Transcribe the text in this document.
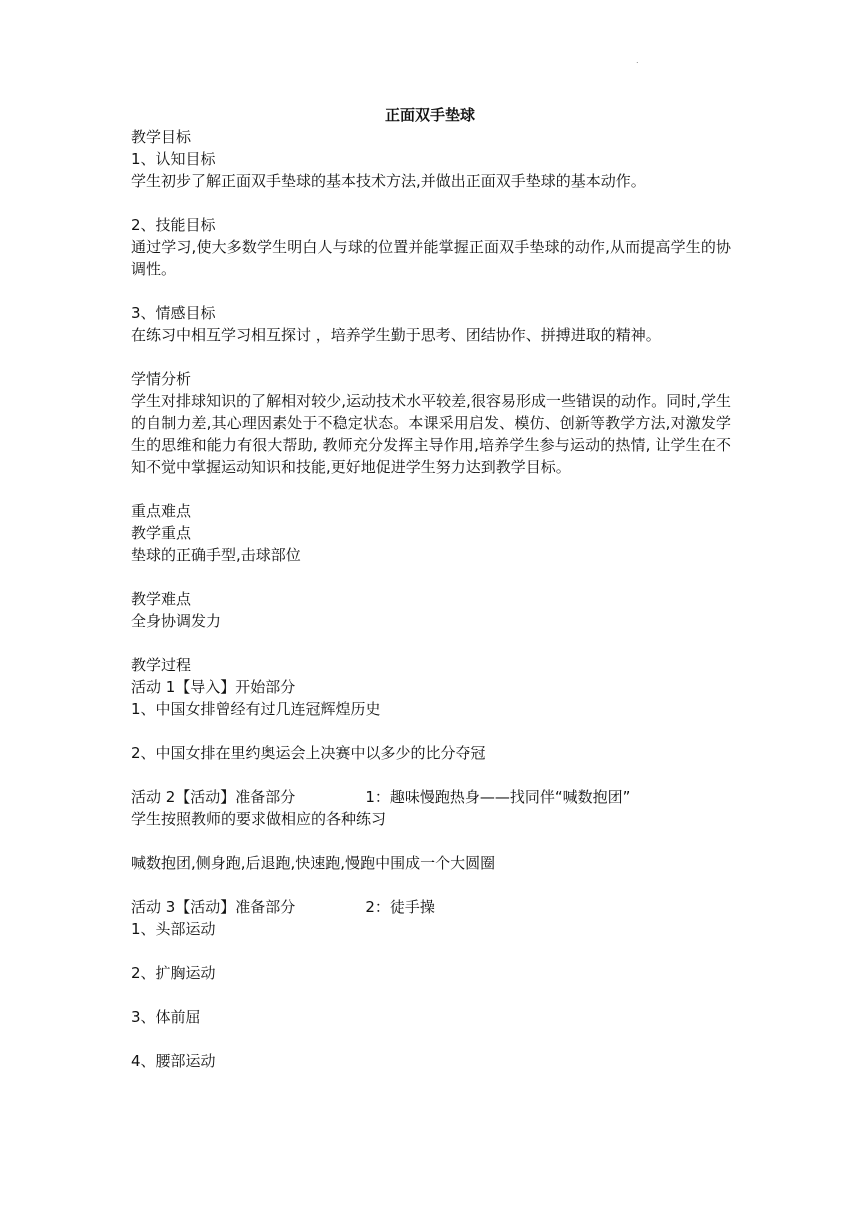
.
正面双手垫球
教学目标
1、认知目标
学生初步了解正面双手垫球的基本技术方法,并做出正面双手垫球的基本动作。
2、技能目标
通过学习,使大多数学生明白人与球的位置并能掌握正面双手垫球的动作,从而提高学生的协调性。
3、情感目标
在练习中相互学习相互探讨 ，培养学生勤于思考、团结协作、拼搏进取的精神。
学情分析
学生对排球知识的了解相对较少,运动技术水平较差,很容易形成一些错误的动作。同时,学生的自制力差,其心理因素处于不稳定状态。本课采用启发、模仿、创新等教学方法,对激发学生的思维和能力有很大帮助, 教师充分发挥主导作用,培养学生参与运动的热情, 让学生在不知不觉中掌握运动知识和技能,更好地促进学生努力达到教学目标。
重点难点
教学重点
垫球的正确手型,击球部位
教学难点
全身协调发力
教学过程
活动 1【导入】开始部分
1、中国女排曾经有过几连冠辉煌历史
2、中国女排在里约奥运会上决赛中以多少的比分夺冠
活动 2【活动】准备部分	1：趣味慢跑热身——找同伴“喊数抱团”
学生按照教师的要求做相应的各种练习
喊数抱团,侧身跑,后退跑,快速跑,慢跑中围成一个大圆圈
活动 3【活动】准备部分	2：徒手操
1、头部运动
2、扩胸运动
3、体前屈
4、腰部运动
